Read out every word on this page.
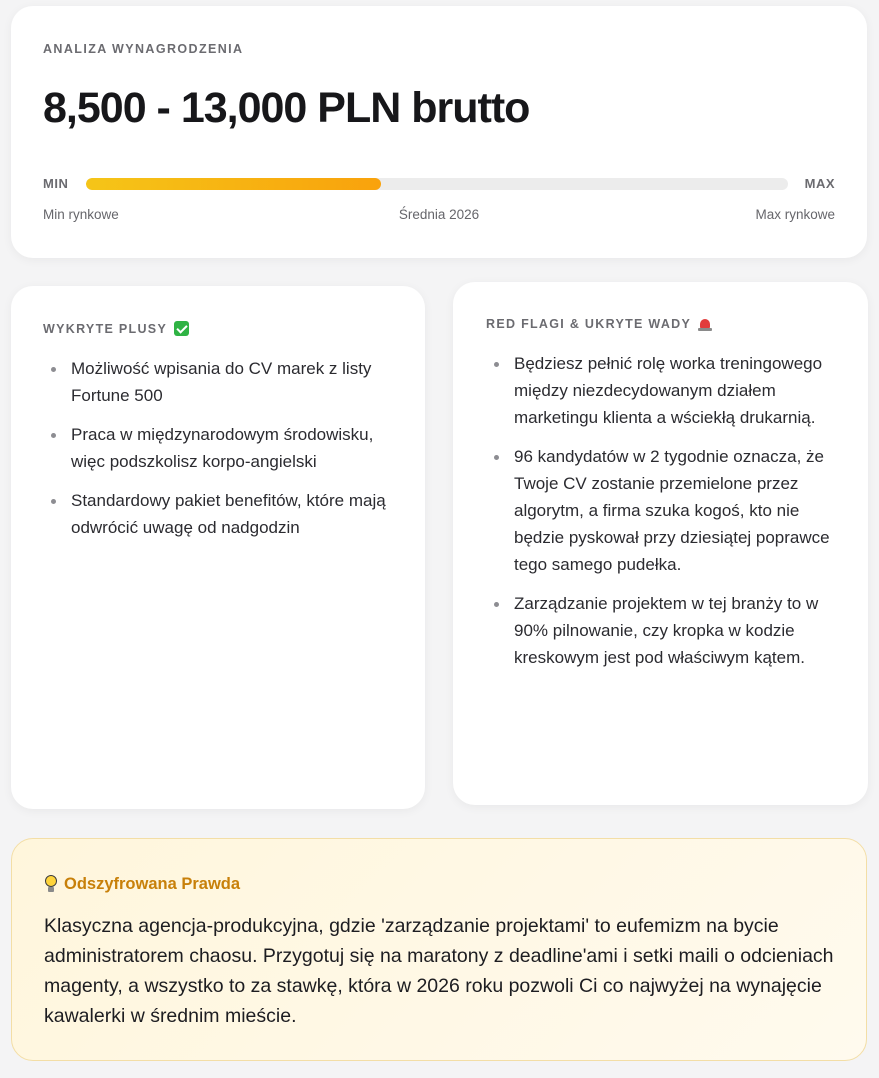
ANALIZA WYNAGRODZENIA
8,500 - 13,000 PLN brutto
MIN	MAX
Min rynkowe	Średnia 2026	Max rynkowe
WYKRYTE PLUSY
Możliwość wpisania do CV marek z listy Fortune 500
Praca w międzynarodowym środowisku, więc podszkolisz korpo-angielski
Standardowy pakiet benefitów, które mają odwrócić uwagę od nadgodzin
RED FLAGI & UKRYTE WADY
Będziesz pełnić rolę worka treningowego między niezdecydowanym działem marketingu klienta a wściekłą drukarnią.
96 kandydatów w 2 tygodnie oznacza, że Twoje CV zostanie przemielone przez algorytm, a firma szuka kogoś, kto nie będzie pyskował przy dziesiątej poprawce tego samego pudełka.
Zarządzanie projektem w tej branży to w 90% pilnowanie, czy kropka w kodzie kreskowym jest pod właściwym kątem.
Odszyfrowana Prawda
Klasyczna agencja-produkcyjna, gdzie 'zarządzanie projektami' to eufemizm na bycie administratorem chaosu. Przygotuj się na maratony z deadline'ami i setki maili o odcieniach magenty, a wszystko to za stawkę, która w 2026 roku pozwoli Ci co najwyżej na wynajęcie kawalerki w średnim mieście.
